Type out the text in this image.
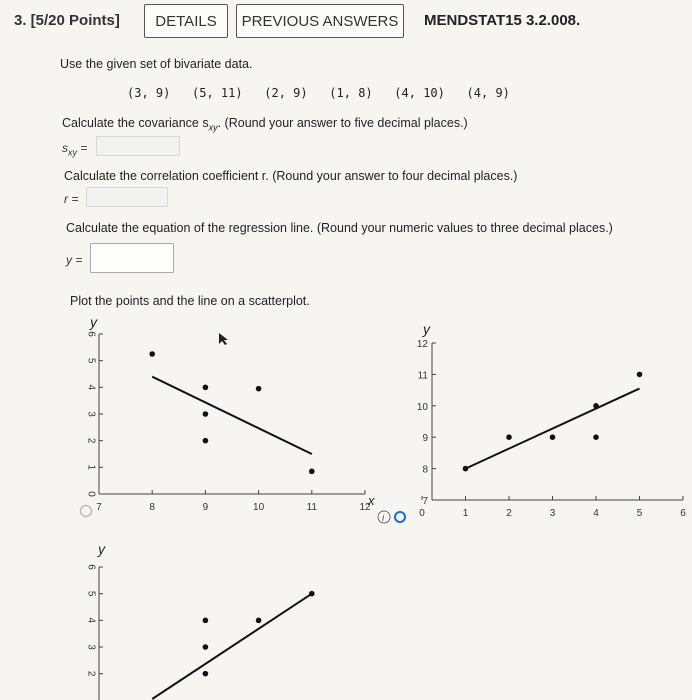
3. [5/20 Points]	DETAILS	PREVIOUS ANSWERS	MENDSTAT15 3.2.008.
Use the given set of bivariate data.
(3, 9)   (5, 11)   (2, 9)   (1, 8)   (4, 10)   (4, 9)
Calculate the covariance $s_{xy}$. (Round your answer to five decimal places.)
$s_{xy}$ =
Calculate the correlation coefficient r. (Round your answer to four decimal places.)
r =
Calculate the equation of the regression line. (Round your numeric values to three decimal places.)
y =
Plot the points and the line on a scatterplot.
y
x
0
1
2
3
4
5
6
7	8	9	10	11	12
i
y
7
8
9
10
11
12
0	1	2	3	4	5	6
y
2
3
4
5
6
